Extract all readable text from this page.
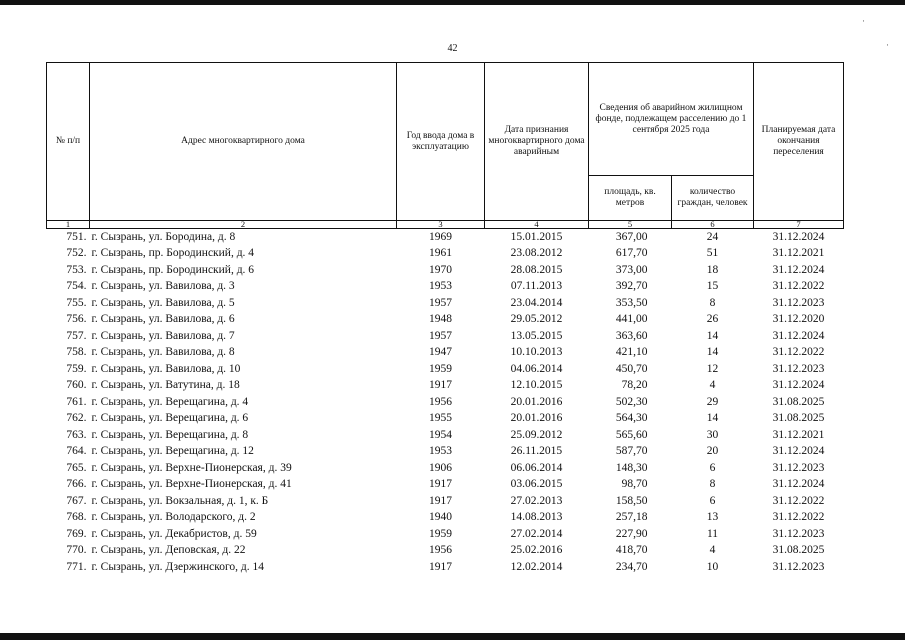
42
·
·
№ п/п	Адрес многоквартирного дома	Год ввода дома в эксплуатацию	Дата признания многоквартирного дома аварийным	Сведения об аварийном жилищном фонде, подлежащем расселению до 1 сентября 2025 года		Планируемая дата окончания переселения
				площадь, кв. метров	количество граждан, человек	
1	2	3	4	5	6	7
751.	г. Сызрань, ул. Бородина, д. 8	1969	15.01.2015	367,00	24	31.12.2024
752.	г. Сызрань, пр. Бородинский, д. 4	1961	23.08.2012	617,70	51	31.12.2021
753.	г. Сызрань, пр. Бородинский, д. 6	1970	28.08.2015	373,00	18	31.12.2024
754.	г. Сызрань, ул. Вавилова, д. 3	1953	07.11.2013	392,70	15	31.12.2022
755.	г. Сызрань, ул. Вавилова, д. 5	1957	23.04.2014	353,50	8	31.12.2023
756.	г. Сызрань, ул. Вавилова, д. 6	1948	29.05.2012	441,00	26	31.12.2020
757.	г. Сызрань, ул. Вавилова, д. 7	1957	13.05.2015	363,60	14	31.12.2024
758.	г. Сызрань, ул. Вавилова, д. 8	1947	10.10.2013	421,10	14	31.12.2022
759.	г. Сызрань, ул. Вавилова, д. 10	1959	04.06.2014	450,70	12	31.12.2023
760.	г. Сызрань, ул. Ватутина, д. 18	1917	12.10.2015	78,20	4	31.12.2024
761.	г. Сызрань, ул. Верещагина, д. 4	1956	20.01.2016	502,30	29	31.08.2025
762.	г. Сызрань, ул. Верещагина, д. 6	1955	20.01.2016	564,30	14	31.08.2025
763.	г. Сызрань, ул. Верещагина, д. 8	1954	25.09.2012	565,60	30	31.12.2021
764.	г. Сызрань, ул. Верещагина, д. 12	1953	26.11.2015	587,70	20	31.12.2024
765.	г. Сызрань, ул. Верхне-Пионерская, д. 39	1906	06.06.2014	148,30	6	31.12.2023
766.	г. Сызрань, ул. Верхне-Пионерская, д. 41	1917	03.06.2015	98,70	8	31.12.2024
767.	г. Сызрань, ул. Вокзальная, д. 1, к. Б	1917	27.02.2013	158,50	6	31.12.2022
768.	г. Сызрань, ул. Володарского, д. 2	1940	14.08.2013	257,18	13	31.12.2022
769.	г. Сызрань, ул. Декабристов, д. 59	1959	27.02.2014	227,90	11	31.12.2023
770.	г. Сызрань, ул. Деповская, д. 22	1956	25.02.2016	418,70	4	31.08.2025
771.	г. Сызрань, ул. Дзержинского, д. 14	1917	12.02.2014	234,70	10	31.12.2023
